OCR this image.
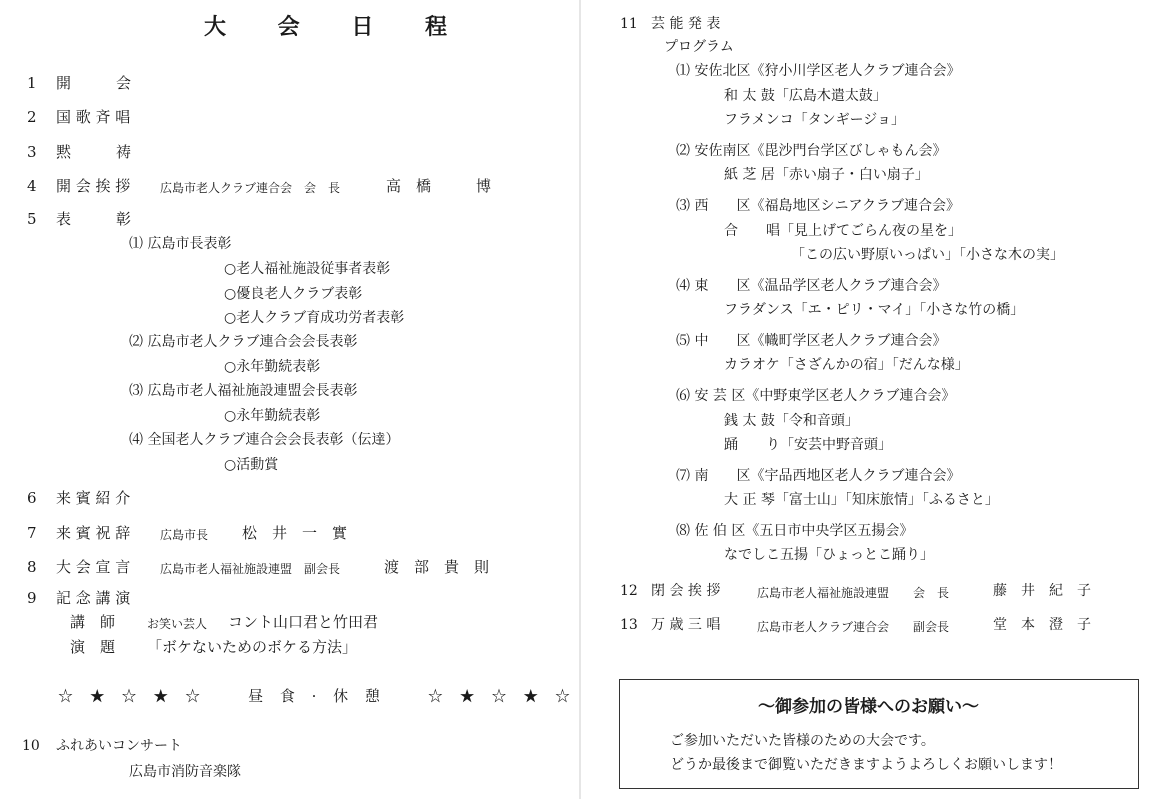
大 会 日 程
1 開　　　会
2 国 歌 斉 唱
3 黙　　　祷
4 開 会 挨 拶 広島市老人クラブ連合会　会　長	高　橋　　　博
5 表　　　彰
⑴ 広島市長表彰
○老人福祉施設従事者表彰
○優良老人クラブ表彰
○老人クラブ育成功労者表彰
⑵ 広島市老人クラブ連合会会長表彰
○永年勤続表彰
⑶ 広島市老人福祉施設連盟会長表彰
○永年勤続表彰
⑷ 全国老人クラブ連合会会長表彰（伝達）
○活動賞
6 来 賓 紹 介
7 来 賓 祝 辞 広島市長 松　井　一　實
8 大 会 宣 言 広島市老人福祉施設連盟　副会長	渡　部　貴　則
9 記 念 講 演
講　師	お笑い芸人 コント山口君と竹田君
演　題 「ボケないためのボケる方法」
☆ ★ ☆ ★ ☆　　昼 食 · 休 憩　　☆ ★ ☆ ★ ☆
10 ふれあいコンサート
広島市消防音楽隊
11 芸 能 発 表
プログラム
⑴ 安佐北区《狩小川学区老人クラブ連合会》
和 太 鼓「広島木遣太鼓」
フラメンコ「タンギージョ」
⑵ 安佐南区《毘沙門台学区びしゃもん会》
紙 芝 居「赤い扇子・白い扇子」
⑶ 西　　区《福島地区シニアクラブ連合会》
合　　唱「見上げてごらん夜の星を」
「この広い野原いっぱい」「小さな木の実」
⑷ 東　　区《温品学区老人クラブ連合会》
フラダンス「エ・ピリ・マイ」「小さな竹の橋」
⑸ 中　　区《幟町学区老人クラブ連合会》
カラオケ「さざんかの宿」「だんな様」
⑹ 安 芸 区《中野東学区老人クラブ連合会》
銭 太 鼓「令和音頭」
踊　　り「安芸中野音頭」
⑺ 南　　区《宇品西地区老人クラブ連合会》
大 正 琴「富士山」「知床旅情」「ふるさと」
⑻ 佐 伯 区《五日市中央学区五揚会》
なでしこ五揚「ひょっとこ踊り」
12 閉 会 挨 拶	広島市老人福祉施設連盟　　会　長	藤　井　紀　子
13 万 歳 三 唱	広島市老人クラブ連合会　　副会長	堂　本　澄　子
～御参加の皆様へのお願い～
ご参加いただいた皆様のための大会です。
どうか最後まで御覧いただきますようよろしくお願いします！
